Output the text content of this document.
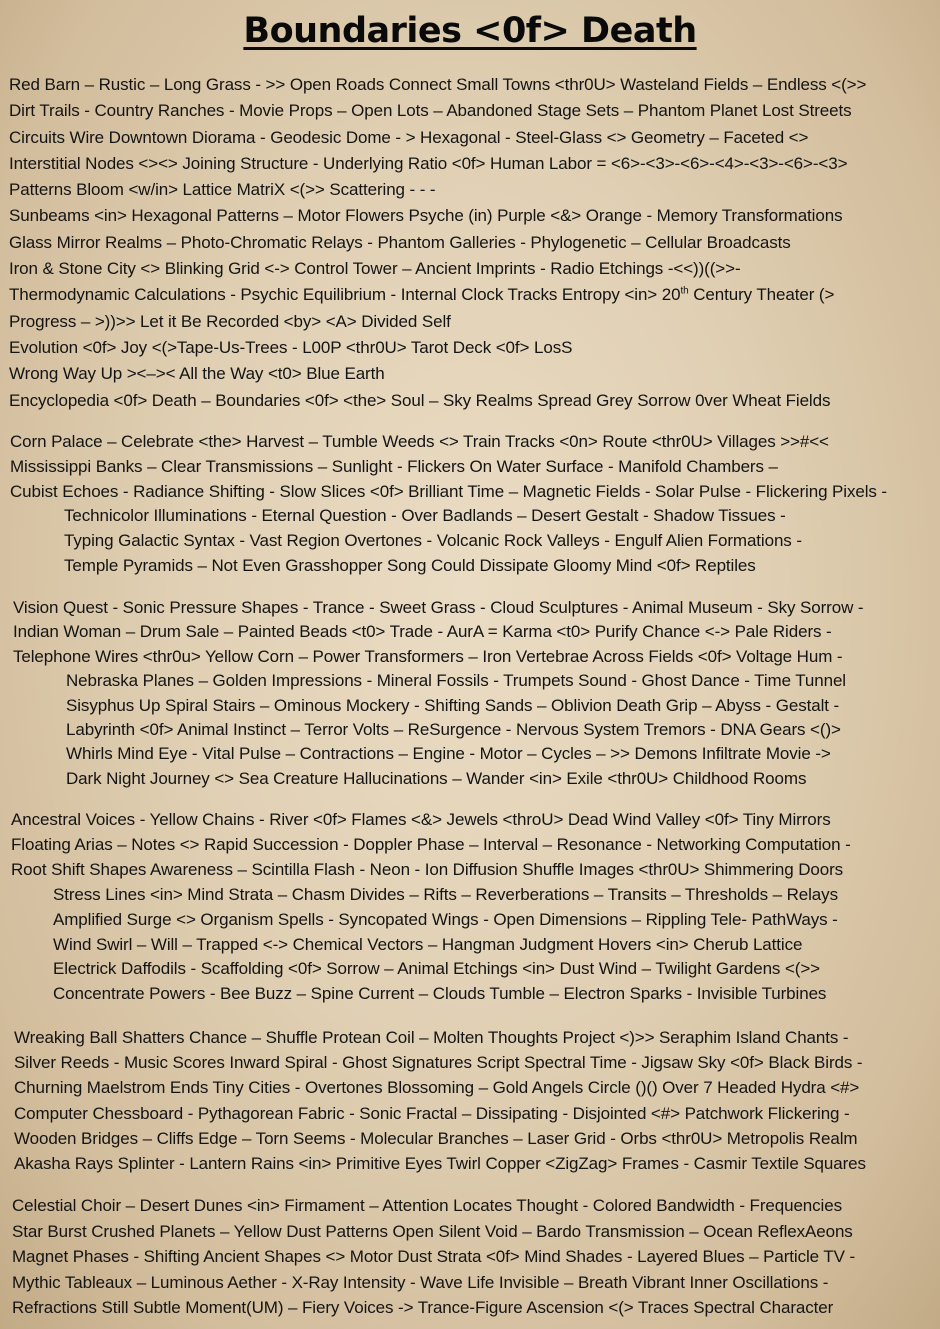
Boundaries <0f> Death
Red Barn – Rustic – Long Grass - >> Open Roads Connect Small Towns <thr0U> Wasteland Fields – Endless <(>>
Dirt Trails - Country Ranches - Movie Props – Open Lots – Abandoned Stage Sets – Phantom Planet Lost Streets
Circuits Wire Downtown Diorama - Geodesic Dome - > Hexagonal - Steel-Glass <> Geometry – Faceted <>
Interstitial Nodes <><> Joining Structure - Underlying Ratio <0f> Human Labor = <6>-<3>-<6>-<4>-<3>-<6>-<3>
Patterns Bloom <w/in> Lattice MatriX <(>> Scattering - - -
Sunbeams <in> Hexagonal Patterns – Motor Flowers Psyche (in) Purple <&> Orange - Memory Transformations
Glass Mirror Realms – Photo-Chromatic Relays - Phantom Galleries - Phylogenetic – Cellular Broadcasts
Iron & Stone City <> Blinking Grid <-> Control Tower – Ancient Imprints - Radio Etchings -<<))((>>-
Thermodynamic Calculations - Psychic Equilibrium - Internal Clock Tracks Entropy <in> 20th Century Theater (>
Progress – >))>> Let it Be Recorded <by> <A> Divided Self
Evolution <0f> Joy <(>Tape-Us-Trees - L00P <thr0U> Tarot Deck <0f> LosS
Wrong Way Up ><–>< All the Way <t0> Blue Earth
Encyclopedia <0f> Death – Boundaries <0f> <the> Soul – Sky Realms Spread Grey Sorrow 0ver Wheat Fields
Corn Palace – Celebrate <the> Harvest – Tumble Weeds <> Train Tracks <0n> Route <thr0U> Villages >>#<<
Mississippi Banks – Clear Transmissions – Sunlight - Flickers On Water Surface - Manifold Chambers –
Cubist Echoes - Radiance Shifting - Slow Slices <0f> Brilliant Time – Magnetic Fields - Solar Pulse - Flickering Pixels -
Technicolor Illuminations - Eternal Question - Over Badlands – Desert Gestalt - Shadow Tissues -
Typing Galactic Syntax - Vast Region Overtones - Volcanic Rock Valleys - Engulf Alien Formations -
Temple Pyramids – Not Even Grasshopper Song Could Dissipate Gloomy Mind <0f> Reptiles
Vision Quest - Sonic Pressure Shapes - Trance - Sweet Grass - Cloud Sculptures - Animal Museum - Sky Sorrow -
Indian Woman – Drum Sale – Painted Beads <t0> Trade - AurA = Karma <t0> Purify Chance <-> Pale Riders -
Telephone Wires <thr0u> Yellow Corn – Power Transformers – Iron Vertebrae Across Fields <0f> Voltage Hum -
Nebraska Planes – Golden Impressions - Mineral Fossils - Trumpets Sound - Ghost Dance - Time Tunnel
Sisyphus Up Spiral Stairs – Ominous Mockery - Shifting Sands – Oblivion Death Grip – Abyss - Gestalt -
Labyrinth <0f> Animal Instinct – Terror Volts – ReSurgence - Nervous System Tremors - DNA Gears <()>
Whirls Mind Eye - Vital Pulse – Contractions – Engine - Motor – Cycles – >> Demons Infiltrate Movie ->
Dark Night Journey <> Sea Creature Hallucinations – Wander <in> Exile <thr0U> Childhood Rooms
Ancestral Voices - Yellow Chains - River <0f> Flames <&> Jewels <throU> Dead Wind Valley <0f> Tiny Mirrors
Floating Arias – Notes <> Rapid Succession - Doppler Phase – Interval – Resonance - Networking Computation -
Root Shift Shapes Awareness – Scintilla Flash - Neon - Ion Diffusion Shuffle Images <thr0U> Shimmering Doors
Stress Lines <in> Mind Strata – Chasm Divides – Rifts – Reverberations – Transits – Thresholds – Relays
Amplified Surge <> Organism Spells - Syncopated Wings - Open Dimensions – Rippling Tele- PathWays -
Wind Swirl – Will – Trapped <-> Chemical Vectors – Hangman Judgment Hovers <in> Cherub Lattice
Electrick Daffodils - Scaffolding <0f> Sorrow – Animal Etchings <in> Dust Wind – Twilight Gardens <(>>
Concentrate Powers - Bee Buzz – Spine Current – Clouds Tumble – Electron Sparks - Invisible Turbines
Wreaking Ball Shatters Chance – Shuffle Protean Coil – Molten Thoughts Project <)>> Seraphim Island Chants -
Silver Reeds - Music Scores Inward Spiral - Ghost Signatures Script Spectral Time - Jigsaw Sky <0f> Black Birds -
Churning Maelstrom Ends Tiny Cities - Overtones Blossoming – Gold Angels Circle ()() Over 7 Headed Hydra <#>
Computer Chessboard - Pythagorean Fabric - Sonic Fractal – Dissipating - Disjointed <#> Patchwork Flickering -
Wooden Bridges – Cliffs Edge – Torn Seems - Molecular Branches – Laser Grid - Orbs <thr0U> Metropolis Realm
Akasha Rays Splinter - Lantern Rains <in> Primitive Eyes Twirl Copper <ZigZag> Frames - Casmir Textile Squares
Celestial Choir – Desert Dunes <in> Firmament – Attention Locates Thought - Colored Bandwidth - Frequencies
Star Burst Crushed Planets – Yellow Dust Patterns Open Silent Void – Bardo Transmission – Ocean ReflexAeons
Magnet Phases - Shifting Ancient Shapes <> Motor Dust Strata <0f> Mind Shades - Layered Blues – Particle TV -
Mythic Tableaux – Luminous Aether - X-Ray Intensity - Wave Life Invisible – Breath Vibrant Inner Oscillations -
Refractions Still Subtle Moment(UM) – Fiery Voices -> Trance-Figure Ascension <(> Traces Spectral Character
